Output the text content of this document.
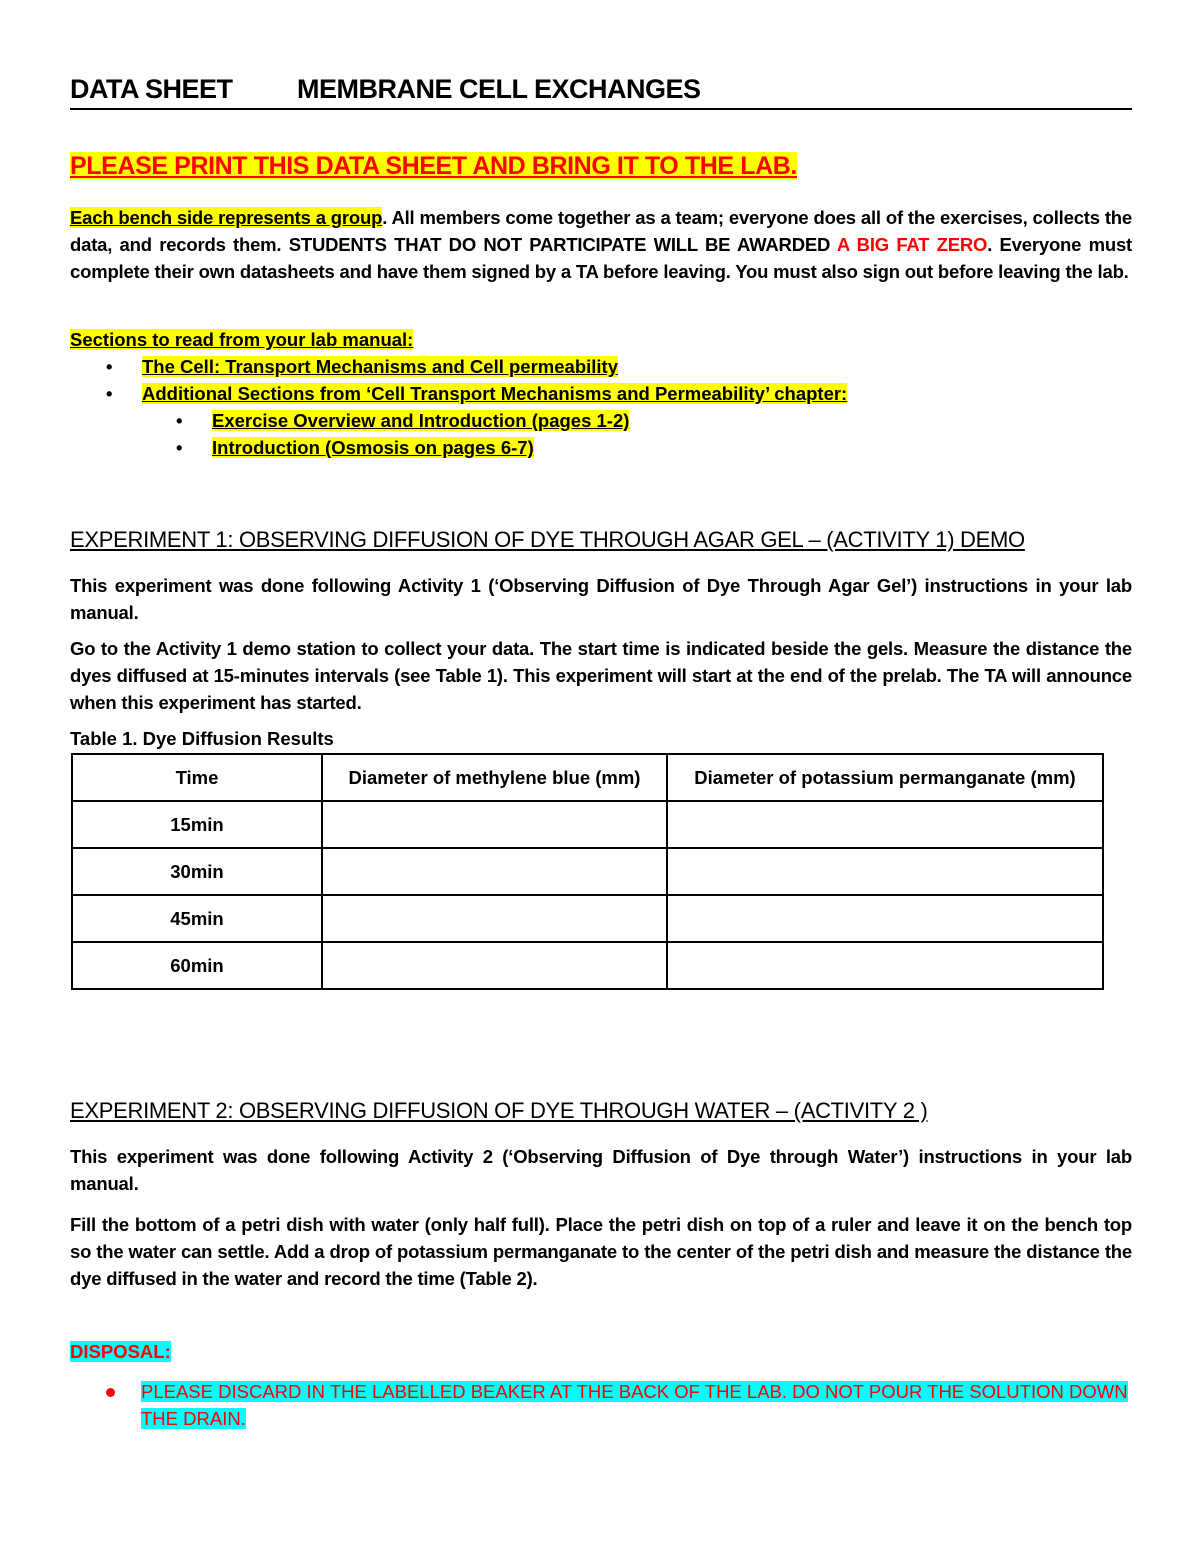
DATA SHEET MEMBRANE CELL EXCHANGES
PLEASE PRINT THIS DATA SHEET AND BRING IT TO THE LAB.
Each bench side represents a group. All members come together as a team; everyone does all of the exercises, collects the data, and records them. STUDENTS THAT DO NOT PARTICIPATE WILL BE AWARDED A BIG FAT ZERO. Everyone must complete their own datasheets and have them signed by a TA before leaving. You must also sign out before leaving the lab.
Sections to read from your lab manual:
• The Cell: Transport Mechanisms and Cell permeability
• Additional Sections from ‘Cell Transport Mechanisms and Permeability’ chapter:
• Exercise Overview and Introduction (pages 1-2)
• Introduction (Osmosis on pages 6-7)
EXPERIMENT 1: OBSERVING DIFFUSION OF DYE THROUGH AGAR GEL – (ACTIVITY 1) DEMO
This experiment was done following Activity 1 (‘Observing Diffusion of Dye Through Agar Gel’) instructions in your lab manual.
Go to the Activity 1 demo station to collect your data. The start time is indicated beside the gels. Measure the distance the dyes diffused at 15-minutes intervals (see Table 1). This experiment will start at the end of the prelab. The TA will announce when this experiment has started.
Table 1. Dye Diffusion Results
Time	Diameter of methylene blue (mm)	Diameter of potassium permanganate (mm)
15min		
30min		
45min		
60min		
EXPERIMENT 2: OBSERVING DIFFUSION OF DYE THROUGH WATER – (ACTIVITY 2 )
This experiment was done following Activity 2 (‘Observing Diffusion of Dye through Water’) instructions in your lab manual.
Fill the bottom of a petri dish with water (only half full). Place the petri dish on top of a ruler and leave it on the bench top so the water can settle. Add a drop of potassium permanganate to the center of the petri dish and measure the distance the dye diffused in the water and record the time (Table 2).
DISPOSAL:
PLEASE DISCARD IN THE LABELLED BEAKER AT THE BACK OF THE LAB. DO NOT POUR THE SOLUTION DOWN THE DRAIN.
